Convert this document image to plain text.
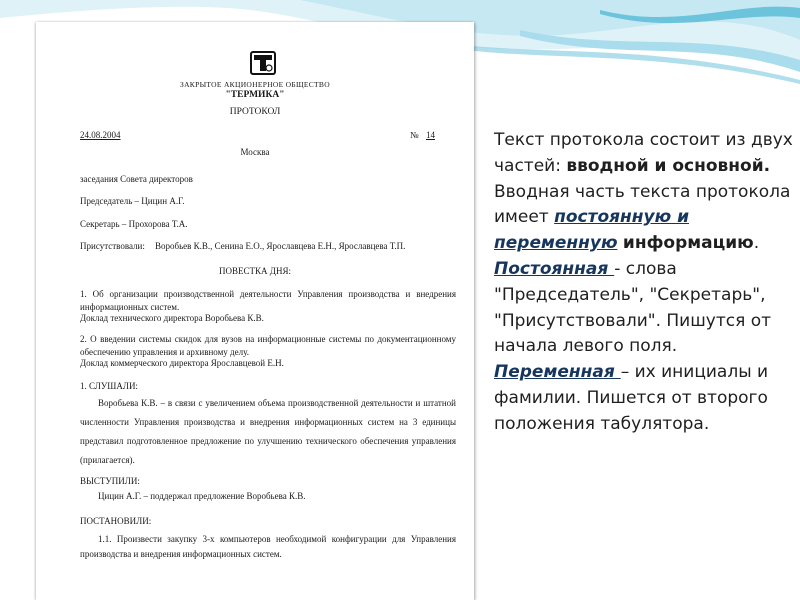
ЗАКРЫТОЕ АКЦИОНЕРНОЕ ОБЩЕСТВО
"ТЕРМИКА"
ПРОТОКОЛ
24.08.2004	№ 14
Москва
заседания Совета директоров
Председатель – Цицин А.Г.
Секретарь – Прохорова Т.А.
Присутствовали: Воробьев К.В., Сенина Е.О., Ярославцева Е.Н., Ярославцева Т.П.
ПОВЕСТКА ДНЯ:
1. Об организации производственной деятельности Управления производства и внедрения информационных систем.
Доклад технического директора Воробьева К.В.
2. О введении системы скидок для вузов на информационные системы по документационному обеспечению управления и архивному делу.
Доклад коммерческого директора Ярославцевой Е.Н.
1. СЛУШАЛИ:
Воробьева К.В. – в связи с увеличением объема производственной деятельности и штатной численности Управления производства и внедрения информационных систем на 3 единицы представил подготовленное предложение по улучшению технического обеспечения управления (прилагается).
ВЫСТУПИЛИ:
Цицин А.Г. – поддержал предложение Воробьева К.В.
ПОСТАНОВИЛИ:
1.1. Произвести закупку 3-х компьютеров необходимой конфигурации для Управления производства и внедрения информационных систем.

Текст протокола состоит из двух частей: вводной и основной.

Вводная часть текста протокола имеет постоянную и переменную информацию.

Постоянная - слова "Председатель", "Секретарь", "Присутствовали". Пишутся от начала левого поля.

Переменная – их инициалы и фамилии. Пишется от второго положения табулятора.
